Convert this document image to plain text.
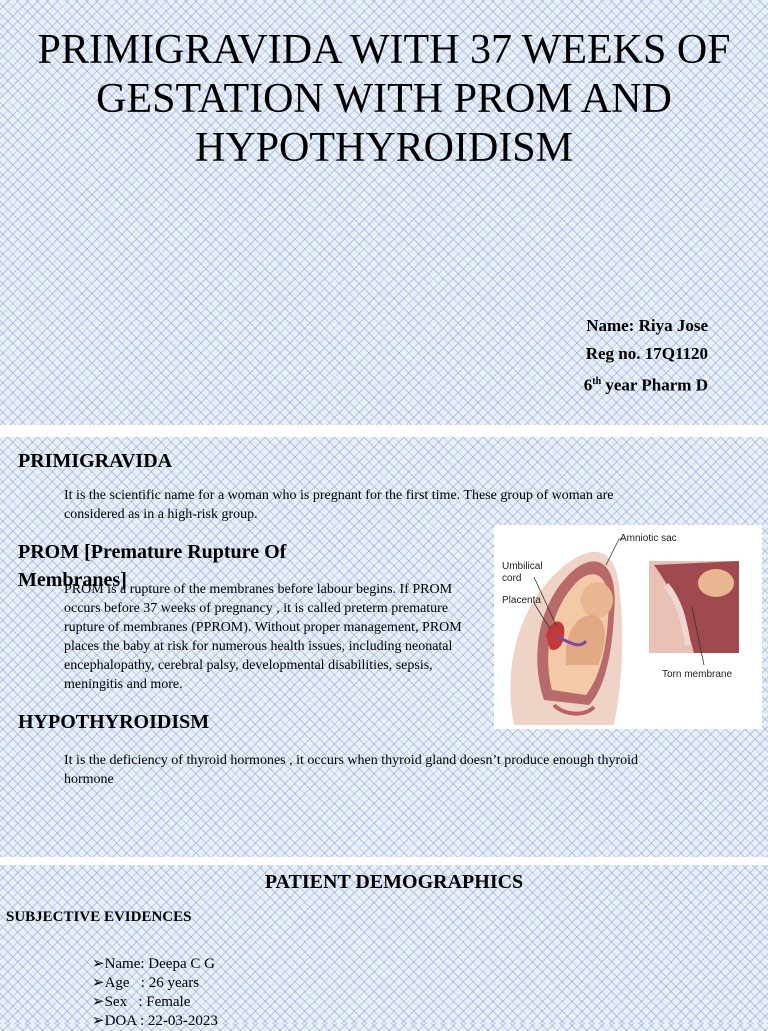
PRIMIGRAVIDA WITH 37 WEEKS OF GESTATION WITH PROM AND HYPOTHYROIDISM
Name: Riya Jose
Reg no. 17Q1120
6th year Pharm D
PRIMIGRAVIDA

It is the scientific name for a woman who is pregnant for the first time. These group of woman are considered as in a high-risk group.

PROM is a rupture of the membranes before labour begins. If PROM occurs before 37 weeks of pregnancy , it is called preterm premature rupture of membranes (PPROM). Without proper management, PROM places the baby at risk for numerous health issues, including neonatal encephalopathy, cerebral palsy, developmental disabilities, sepsis, meningitis and more.

PROM [Premature Rupture Of Membranes]
Amniotic sac
Umbilical
cord
Placenta
Torn membrane
HYPOTHYROIDISM

It is the deficiency of thyroid hormones , it occurs when thyroid gland doesn’t produce enough thyroid hormone

PATIENT DEMOGRAPHICS
SUBJECTIVE EVIDENCES
➢Name: Deepa C G
➢Age   : 26 years
➢Sex   : Female
➢DOA : 22-03-2023
